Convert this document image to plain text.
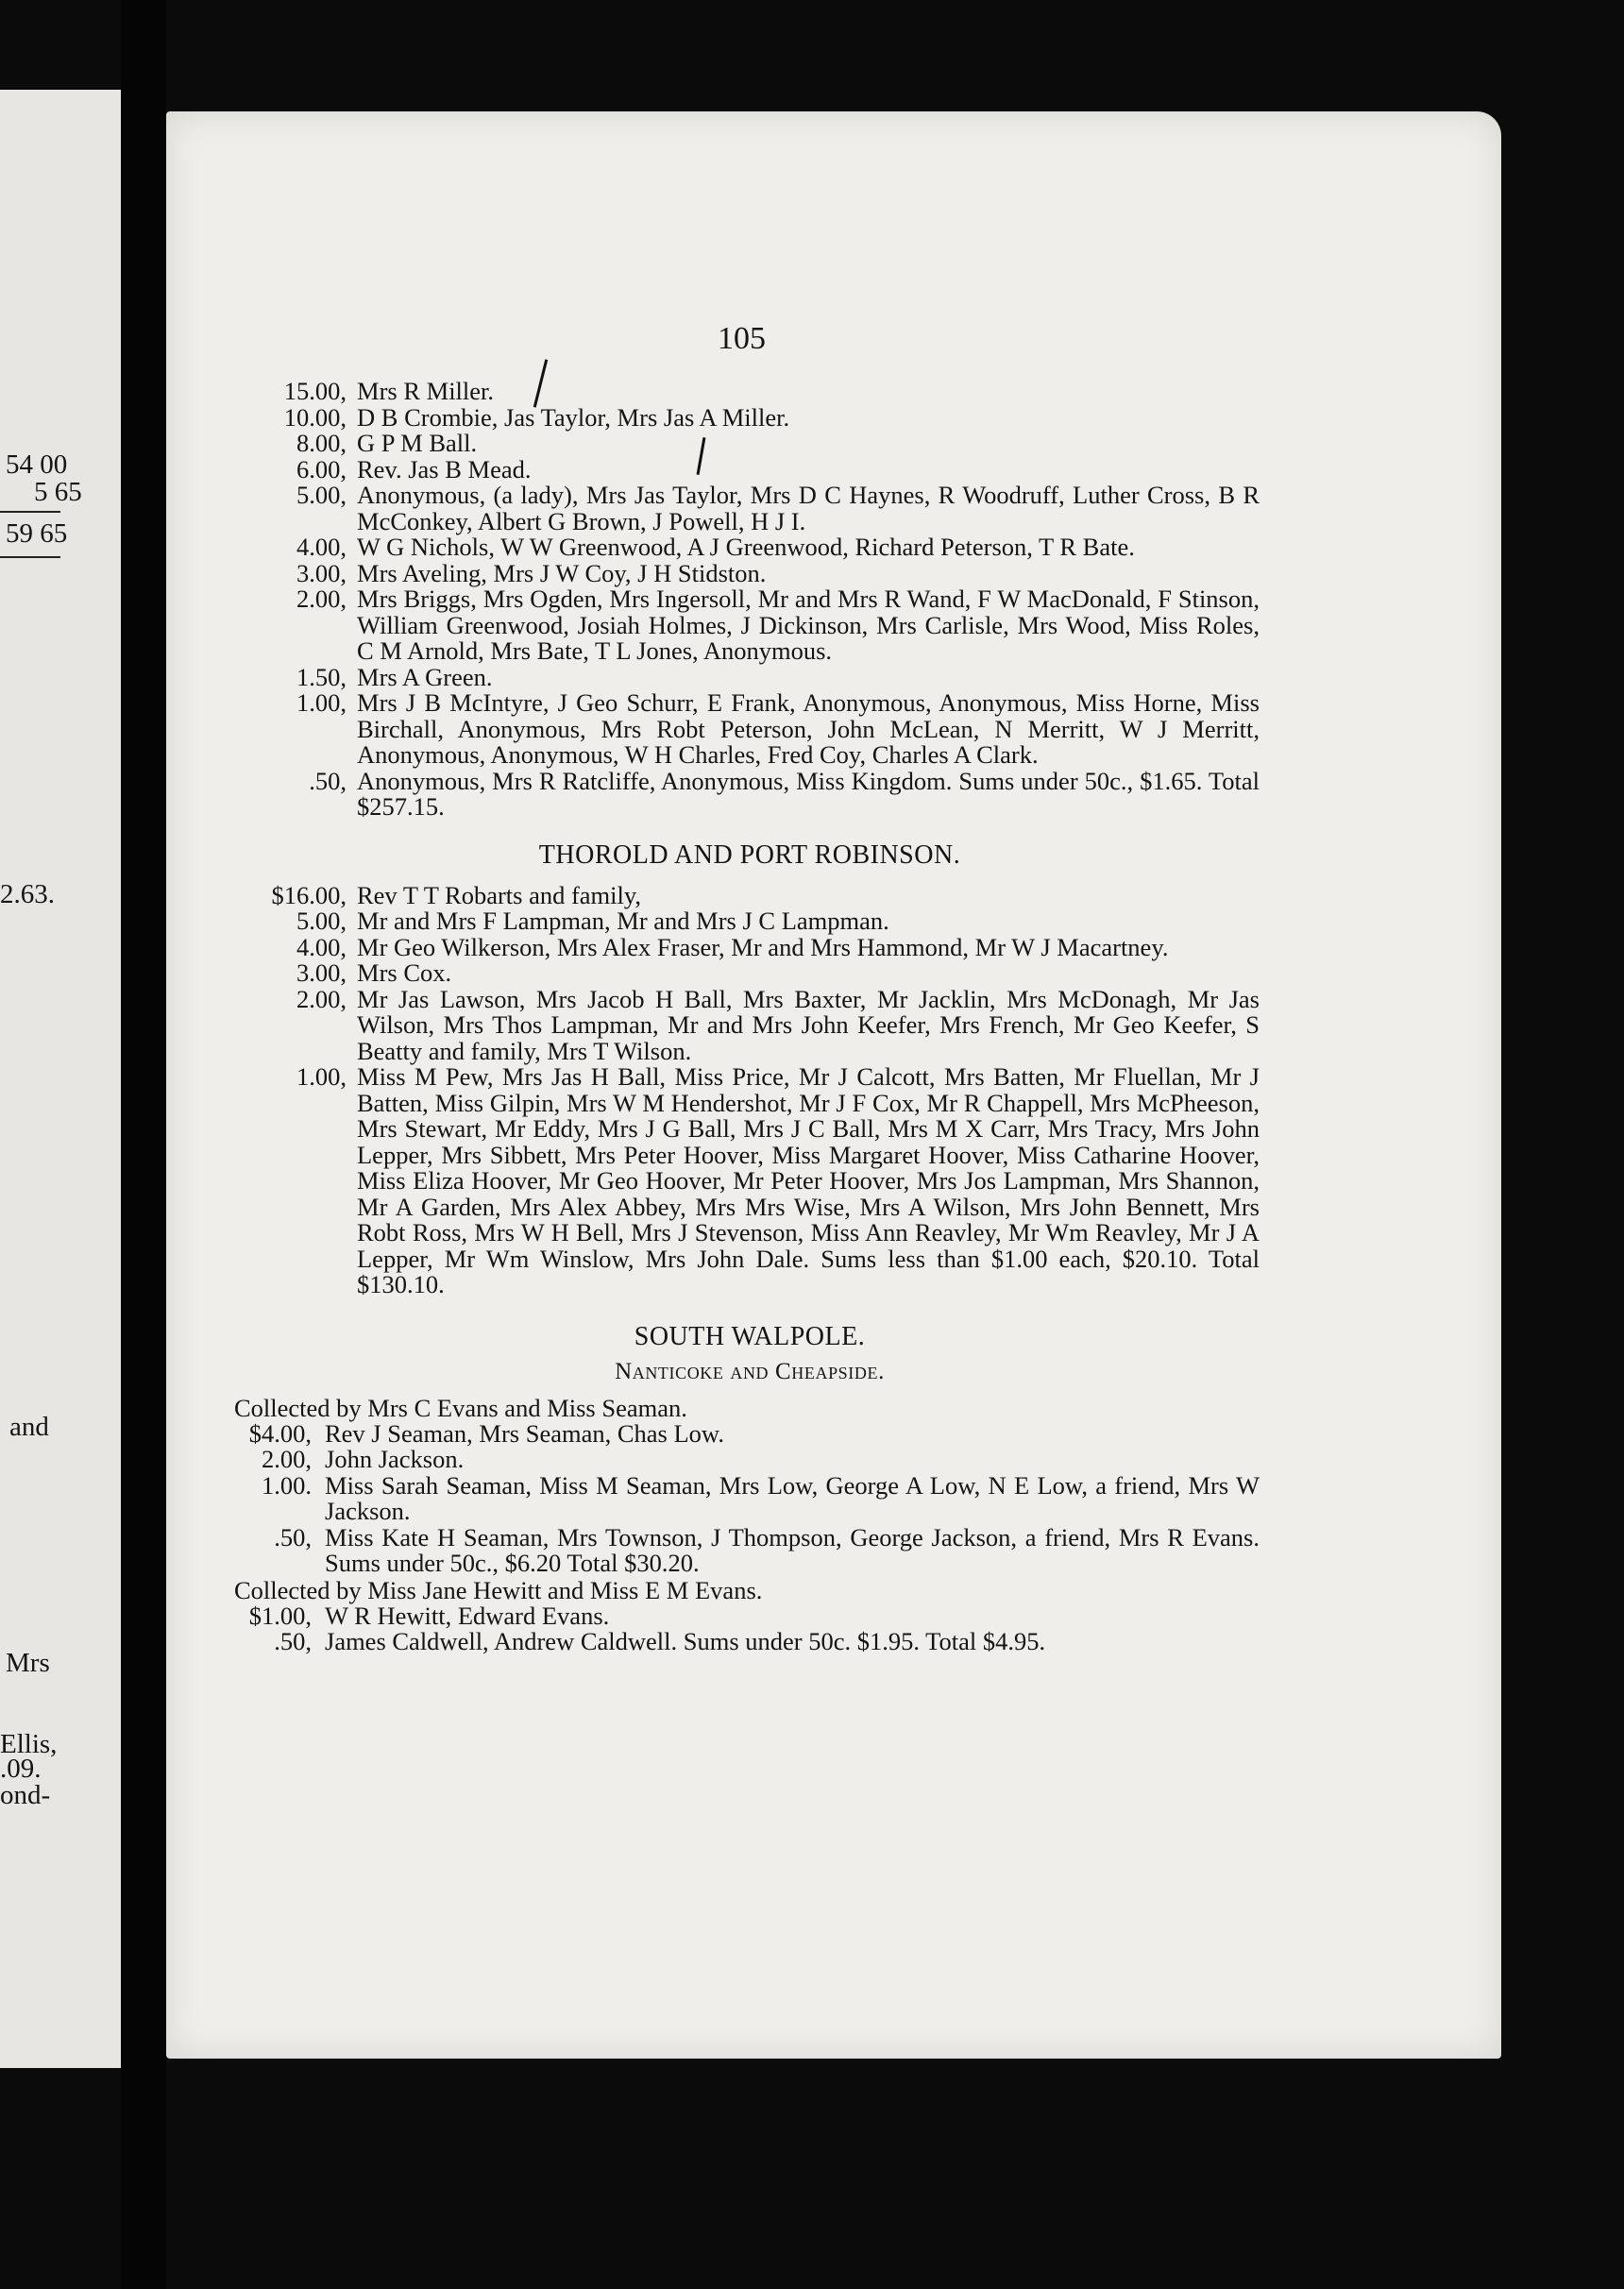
54 00
5 65
59 65
2.63.
and
Mrs
Ellis,
.09.
ond-
105
15.00, Mrs R Miller.
10.00, D B Crombie, Jas Taylor, Mrs Jas A Miller.
8.00, G P M Ball.
6.00, Rev. Jas B Mead.
5.00, Anonymous, (a lady), Mrs Jas Taylor, Mrs D C Haynes, R Woodruff, Luther Cross, B R McConkey, Albert G Brown, J Powell, H J I.
4.00, W G Nichols, W W Greenwood, A J Greenwood, Richard Peterson, T R Bate.
3.00, Mrs Aveling, Mrs J W Coy, J H Stidston.
2.00, Mrs Briggs, Mrs Ogden, Mrs Ingersoll, Mr and Mrs R Wand, F W MacDonald, F Stinson, William Greenwood, Josiah Holmes, J Dickinson, Mrs Carlisle, Mrs Wood, Miss Roles, C M Arnold, Mrs Bate, T L Jones, Anonymous.
1.50, Mrs A Green.
1.00, Mrs J B McIntyre, J Geo Schurr, E Frank, Anonymous, Anonymous, Miss Horne, Miss Birchall, Anonymous, Mrs Robt Peterson, John McLean, N Merritt, W J Merritt, Anonymous, Anonymous, W H Charles, Fred Coy, Charles A Clark.
.50, Anonymous, Mrs R Ratcliffe, Anonymous, Miss Kingdom. Sums under 50c., $1.65. Total $257.15.
THOROLD AND PORT ROBINSON.
$16.00, Rev T T Robarts and family,
5.00, Mr and Mrs F Lampman, Mr and Mrs J C Lampman.
4.00, Mr Geo Wilkerson, Mrs Alex Fraser, Mr and Mrs Hammond, Mr W J Macartney.
3.00, Mrs Cox.
2.00, Mr Jas Lawson, Mrs Jacob H Ball, Mrs Baxter, Mr Jacklin, Mrs McDonagh, Mr Jas Wilson, Mrs Thos Lampman, Mr and Mrs John Keefer, Mrs French, Mr Geo Keefer, S Beatty and family, Mrs T Wilson.
1.00, Miss M Pew, Mrs Jas H Ball, Miss Price, Mr J Calcott, Mrs Batten, Mr Fluellan, Mr J Batten, Miss Gilpin, Mrs W M Hendershot, Mr J F Cox, Mr R Chappell, Mrs McPheeson, Mrs Stewart, Mr Eddy, Mrs J G Ball, Mrs J C Ball, Mrs M X Carr, Mrs Tracy, Mrs John Lepper, Mrs Sibbett, Mrs Peter Hoover, Miss Margaret Hoover, Miss Catharine Hoover, Miss Eliza Hoover, Mr Geo Hoover, Mr Peter Hoover, Mrs Jos Lampman, Mrs Shannon, Mr A Garden, Mrs Alex Abbey, Mrs Mrs Wise, Mrs A Wilson, Mrs John Bennett, Mrs Robt Ross, Mrs W H Bell, Mrs J Stevenson, Miss Ann Reavley, Mr Wm Reavley, Mr J A Lepper, Mr Wm Winslow, Mrs John Dale. Sums less than $1.00 each, $20.10. Total $130.10.
SOUTH WALPOLE.
Nanticoke and Cheapside.
Collected by Mrs C Evans and Miss Seaman.
$4.00, Rev J Seaman, Mrs Seaman, Chas Low.
2.00, John Jackson.
1.00. Miss Sarah Seaman, Miss M Seaman, Mrs Low, George A Low, N E Low, a friend, Mrs W Jackson.
.50, Miss Kate H Seaman, Mrs Townson, J Thompson, George Jackson, a friend, Mrs R Evans. Sums under 50c., $6.20 Total $30.20.
Collected by Miss Jane Hewitt and Miss E M Evans.
$1.00, W R Hewitt, Edward Evans.
.50, James Caldwell, Andrew Caldwell. Sums under 50c. $1.95. Total $4.95.
